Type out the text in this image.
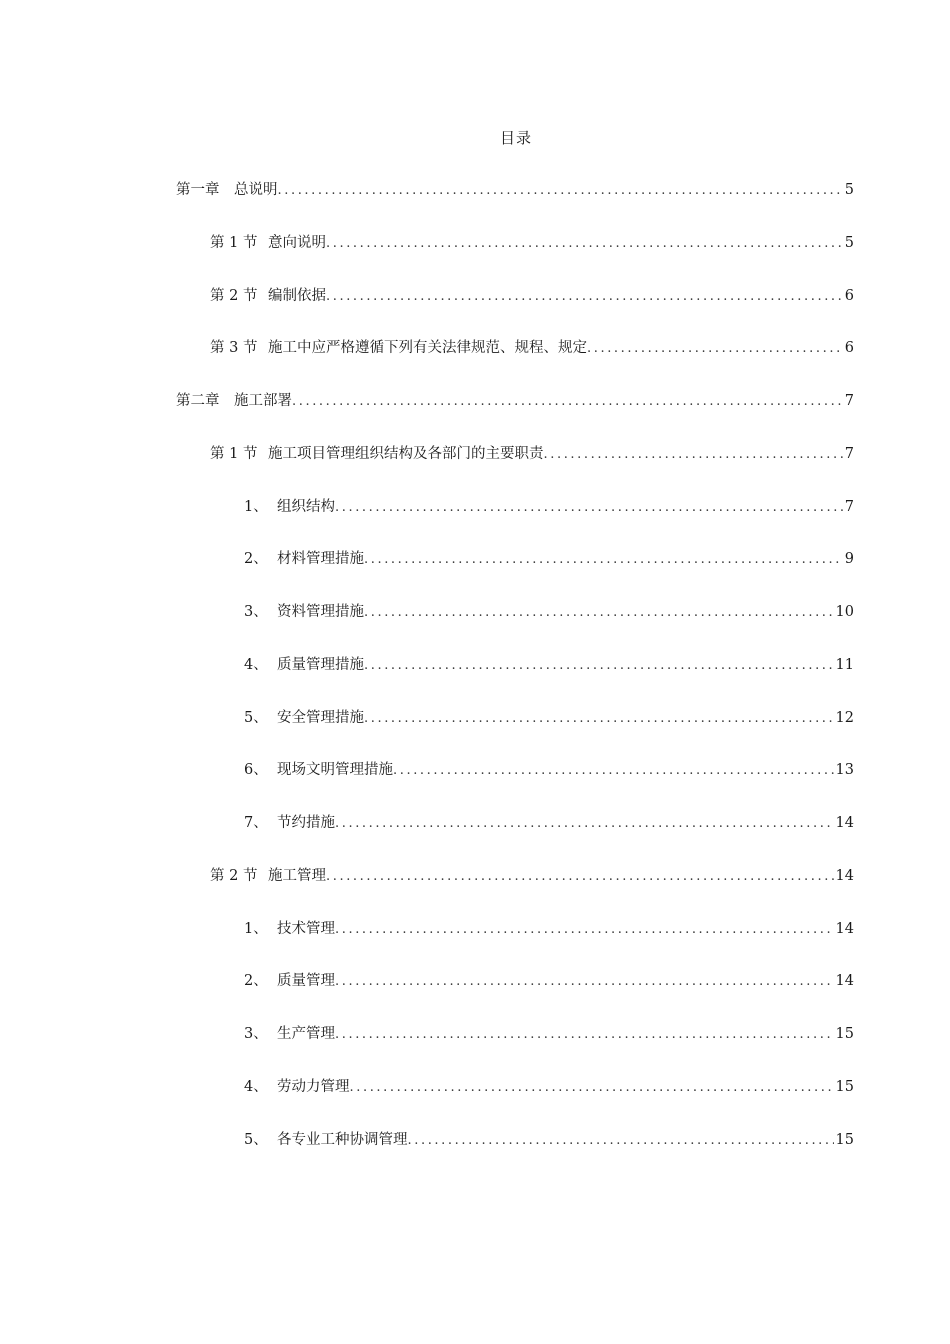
目录
第一章	总说明 .....	5
第 1 节 意向说明 .....	5
第 2 节 编制依据 .....	6
第 3 节 施工中应严格遵循下列有关法律规范、规程、规定 .....	6
第二章	施工部署 .....	7
第 1 节 施工项目管理组织结构及各部门的主要职责 .....	7
1、 组织结构 .....	7
2、 材料管理措施 .....	9
3、 资料管理措施 .....	10
4、 质量管理措施 .....	11
5、 安全管理措施 .....	12
6、 现场文明管理措施 .....	13
7、 节约措施 .....	14
第 2 节 施工管理 .....	14
1、 技术管理 .....	14
2、 质量管理 .....	14
3、 生产管理 .....	15
4、 劳动力管理 .....	15
5、 各专业工种协调管理 .....	15
